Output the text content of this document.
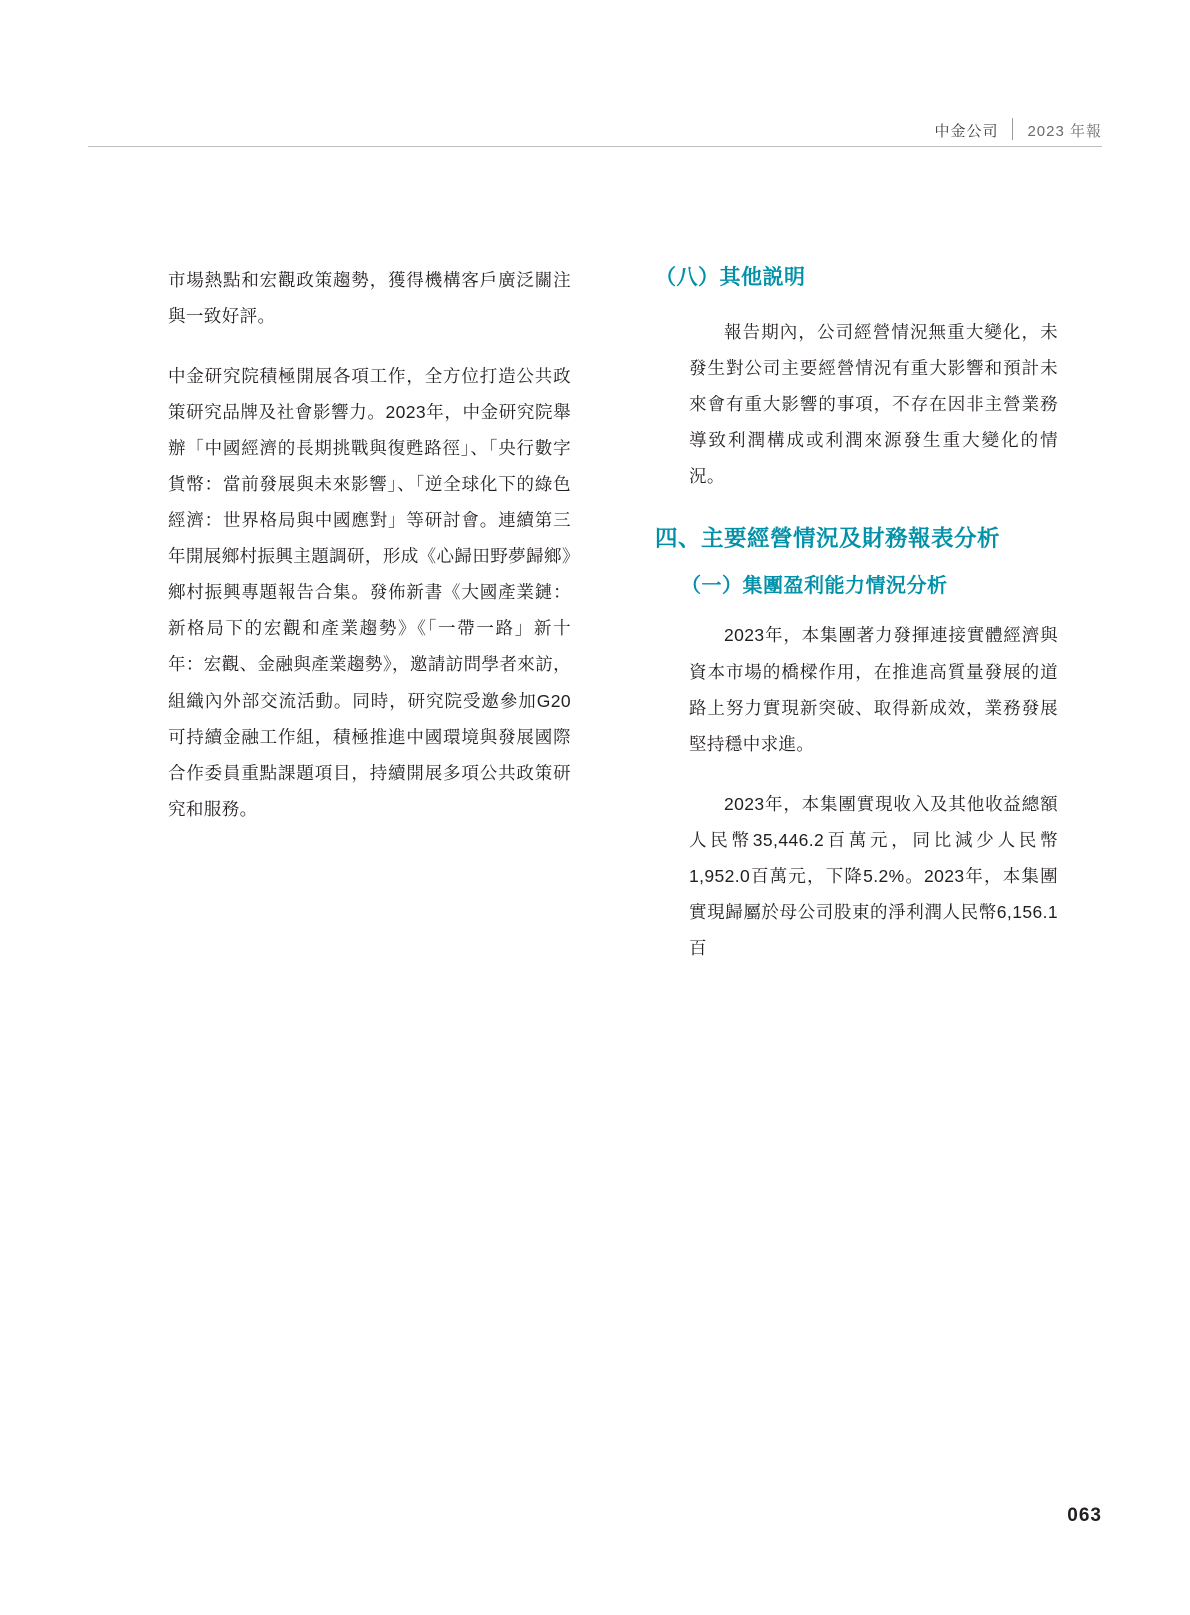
中金公司	2023 年報

市場熱點和宏觀政策趨勢，獲得機構客戶廣泛關注與一致好評。

中金研究院積極開展各項工作，全方位打造公共政策研究品牌及社會影響力。2023年，中金研究院舉辦「中國經濟的長期挑戰與復甦路徑」、「央行數字貨幣：當前發展與未來影響」、「逆全球化下的綠色經濟：世界格局與中國應對」等研討會。連續第三年開展鄉村振興主題調研，形成《心歸田野夢歸鄉》鄉村振興專題報告合集。發佈新書《大國產業鏈：新格局下的宏觀和產業趨勢》《「一帶一路」新十年：宏觀、金融與產業趨勢》，邀請訪問學者來訪，組織內外部交流活動。同時，研究院受邀參加G20可持續金融工作組，積極推進中國環境與發展國際合作委員重點課題項目，持續開展多項公共政策研究和服務。

（八）其他説明

報告期內，公司經營情況無重大變化，未發生對公司主要經營情況有重大影響和預計未來會有重大影響的事項，不存在因非主營業務導致利潤構成或利潤來源發生重大變化的情況。

四、主要經營情況及財務報表分析
（一）集團盈利能力情況分析

2023年，本集團著力發揮連接實體經濟與資本市場的橋樑作用，在推進高質量發展的道路上努力實現新突破、取得新成效，業務發展堅持穩中求進。

2023年，本集團實現收入及其他收益總額人民幣35,446.2百萬元，同比減少人民幣1,952.0百萬元，下降5.2%。2023年，本集團實現歸屬於母公司股東的淨利潤人民幣6,156.1百

063
